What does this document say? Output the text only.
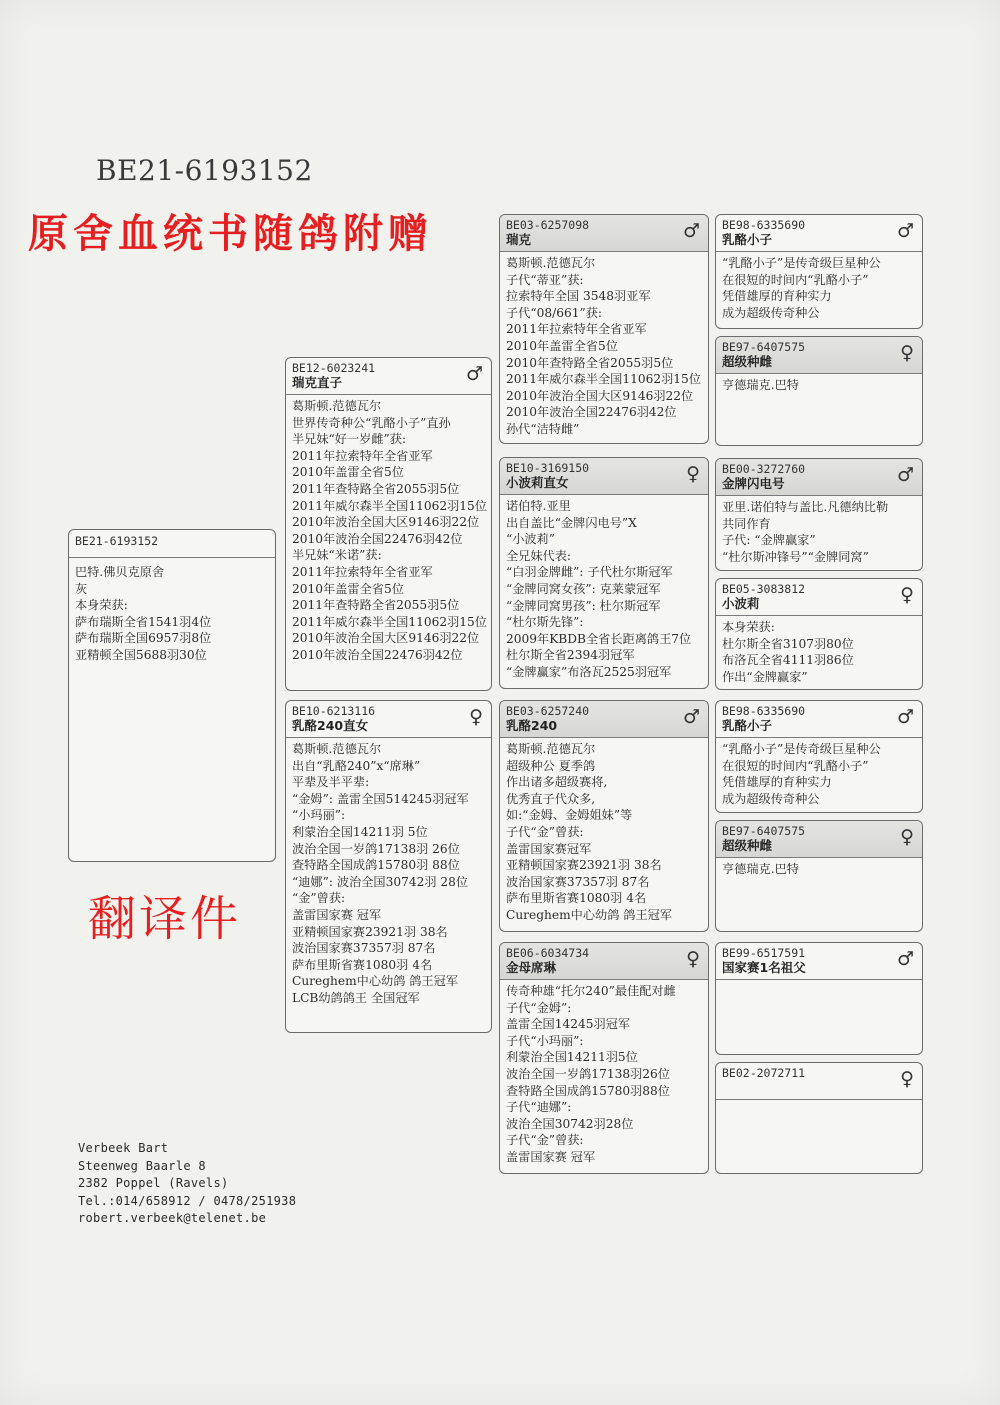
BE21-6193152
原舍血统书随鸽附赠
翻译件
BE21-6193152
巴特.佛贝克原舍
灰
本身荣获:
萨布瑞斯全省1541羽4位
萨布瑞斯全国6957羽8位
亚精顿全国5688羽30位
BE12-6023241
瑞克直子	♂
葛斯顿.范德瓦尔
世界传奇种公“乳酪小子”直孙
半兄妹“好一岁雌”获:
2011年拉索特年全省亚军
2010年盖雷全省5位
2011年查特路全省2055羽5位
2011年威尔森半全国11062羽15位
2010年波治全国大区9146羽22位
2010年波治全国22476羽42位
半兄妹“米诺”获:
2011年拉索特年全省亚军
2010年盖雷全省5位
2011年查特路全省2055羽5位
2011年威尔森半全国11062羽15位
2010年波治全国大区9146羽22位
2010年波治全国22476羽42位
BE10-6213116
乳酪240直女	♀
葛斯顿.范德瓦尔
出自“乳酪240”x“席琳”
平辈及半平辈:
“金姆”: 盖雷全国514245羽冠军
“小玛丽”:
利蒙治全国14211羽 5位
波治全国一岁鸽17138羽 26位
查特路全国成鸽15780羽 88位
“迪娜”: 波治全国30742羽 28位
“金”曾获:
盖雷国家赛 冠军
亚精顿国家赛23921羽 38名
波治国家赛37357羽 87名
萨布里斯省赛1080羽 4名
Cureghem中心幼鸽 鸽王冠军
LCB幼鸽鸽王 全国冠军
BE03-6257098
瑞克	♂
葛斯顿.范德瓦尔
子代“蒂亚”获:
拉索特年全国 3548羽亚军
子代“08/661”获:
2011年拉索特年全省亚军
2010年盖雷全省5位
2010年查特路全省2055羽5位
2011年威尔森半全国11062羽15位
2010年波治全国大区9146羽22位
2010年波治全国22476羽42位
孙代“洁特雌”
BE10-3169150
小波莉直女	♀
诺伯特.亚里
出自盖比“金牌闪电号”X
“小波莉”
全兄妹代表:
“白羽金牌雌”: 子代杜尔斯冠军
“金牌同窝女孩”: 克莱蒙冠军
“金牌同窝男孩”: 杜尔斯冠军
“杜尔斯先锋”:
2009年KBDB全省长距离鸽王7位
杜尔斯全省2394羽冠军
“金牌赢家”布洛瓦2525羽冠军
BE03-6257240
乳酪240	♂
葛斯顿.范德瓦尔
超级种公 夏季鸽
作出诸多超级赛将,
优秀直子代众多,
如:“金姆、金姆姐妹”等
子代“金”曾获:
盖雷国家赛冠军
亚精顿国家赛23921羽 38名
波治国家赛37357羽 87名
萨布里斯省赛1080羽 4名
Cureghem中心幼鸽 鸽王冠军
BE06-6034734
金母席琳	♀
传奇种雄“托尔240”最佳配对雌
子代“金姆”:
盖雷全国14245羽冠军
子代“小玛丽”:
利蒙治全国14211羽5位
波治全国一岁鸽17138羽26位
查特路全国成鸽15780羽88位
子代“迪娜”:
波治全国30742羽28位
子代“金”曾获:
盖雷国家赛 冠军
BE98-6335690
乳酪小子	♂
“乳酪小子”是传奇级巨星种公
在很短的时间内“乳酪小子”
凭借雄厚的育种实力
成为超级传奇种公
BE97-6407575
超级种雌	♀
亨德瑞克.巴特
BE00-3272760
金牌闪电号	♂
亚里.诺伯特与盖比.凡德纳比勒
共同作育
子代: “金牌赢家”
“杜尔斯冲锋号”“金牌同窝”
BE05-3083812
小波莉	♀
本身荣获:
杜尔斯全省3107羽80位
布洛瓦全省4111羽86位
作出“金牌赢家”
BE98-6335690
乳酪小子	♂
“乳酪小子”是传奇级巨星种公
在很短的时间内“乳酪小子”
凭借雄厚的育种实力
成为超级传奇种公
BE97-6407575
超级种雌	♀
亨德瑞克.巴特
BE99-6517591
国家赛1名祖父	♂
BE02-2072711	♀
Verbeek Bart
Steenweg Baarle 8
2382 Poppel (Ravels)
Tel.:014/658912 / 0478/251938
robert.verbeek@telenet.be
